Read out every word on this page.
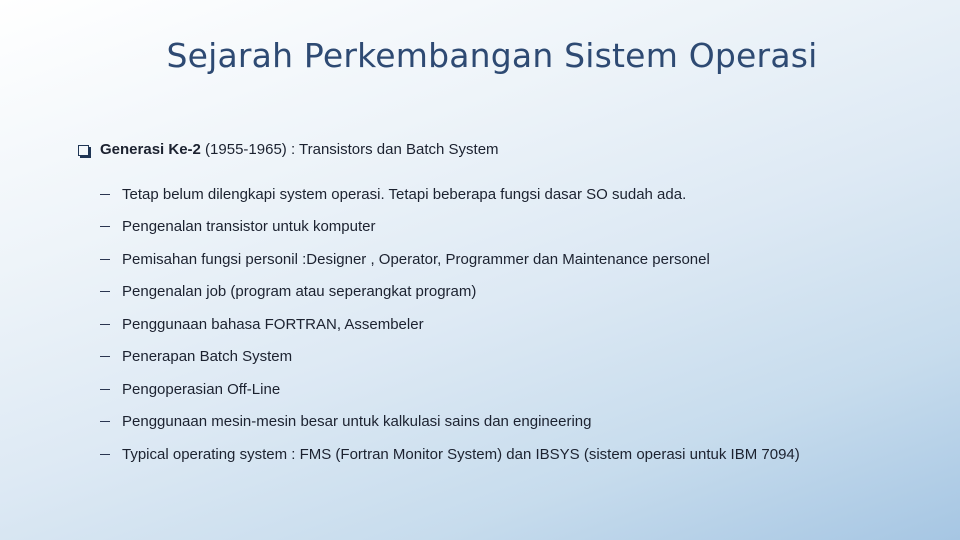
Sejarah Perkembangan Sistem Operasi
Generasi Ke-2 (1955-1965) : Transistors dan Batch System
Tetap belum dilengkapi system operasi. Tetapi beberapa fungsi dasar SO sudah ada.
Pengenalan transistor untuk komputer
Pemisahan fungsi personil :Designer , Operator, Programmer dan Maintenance personel
Pengenalan job (program atau seperangkat program)
Penggunaan bahasa FORTRAN, Assembeler
Penerapan Batch System
Pengoperasian Off-Line
Penggunaan mesin-mesin besar untuk kalkulasi sains dan engineering
Typical operating system : FMS (Fortran Monitor System) dan IBSYS (sistem operasi untuk IBM 7094)
